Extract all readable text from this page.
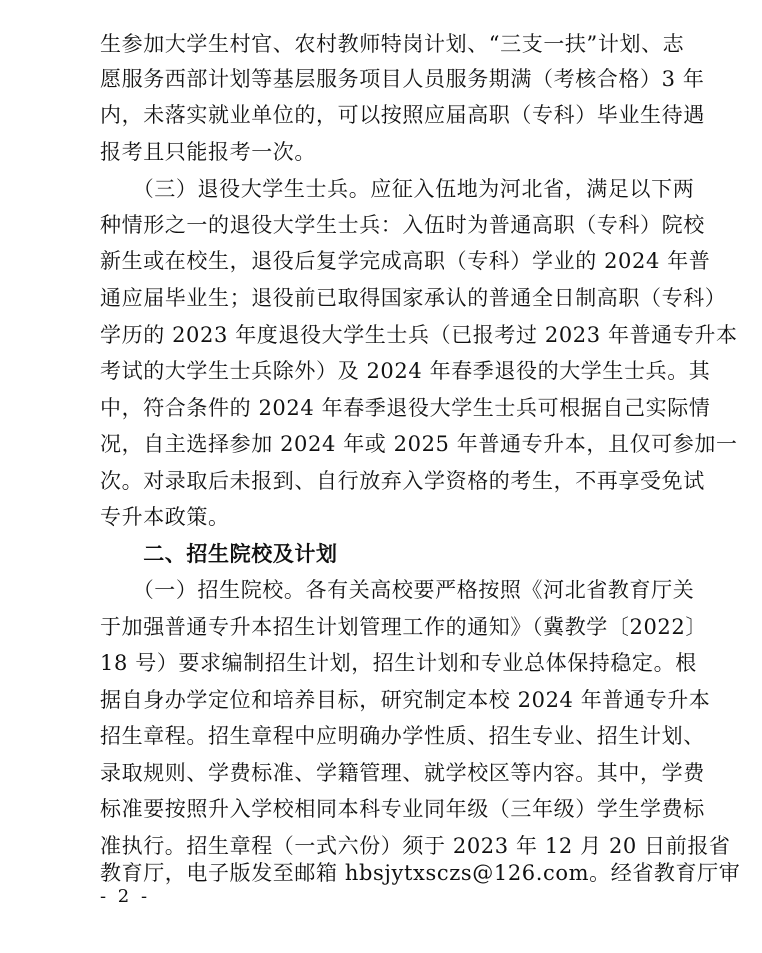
生参加大学生村官、农村教师特岗计划、“三支一扶”计划、志
愿服务西部计划等基层服务项目人员服务期满（考核合格）3 年
内，未落实就业单位的，可以按照应届高职（专科）毕业生待遇
报考且只能报考一次。
　　（三）退役大学生士兵。应征入伍地为河北省，满足以下两
种情形之一的退役大学生士兵：入伍时为普通高职（专科）院校
新生或在校生，退役后复学完成高职（专科）学业的 2024 年普
通应届毕业生；退役前已取得国家承认的普通全日制高职（专科）
学历的 2023 年度退役大学生士兵（已报考过 2023 年普通专升本
考试的大学生士兵除外）及 2024 年春季退役的大学生士兵。其
中，符合条件的 2024 年春季退役大学生士兵可根据自己实际情
况，自主选择参加 2024 年或 2025 年普通专升本，且仅可参加一
次。对录取后未报到、自行放弃入学资格的考生，不再享受免试
专升本政策。
　　二、招生院校及计划
　　（一）招生院校。各有关高校要严格按照《河北省教育厅关
于加强普通专升本招生计划管理工作的通知》（冀教学〔2022〕
18 号）要求编制招生计划，招生计划和专业总体保持稳定。根
据自身办学定位和培养目标，研究制定本校 2024 年普通专升本
招生章程。招生章程中应明确办学性质、招生专业、招生计划、
录取规则、学费标准、学籍管理、就学校区等内容。其中，学费
标准要按照升入学校相同本科专业同年级（三年级）学生学费标
准执行。招生章程（一式六份）须于 2023 年 12 月 20 日前报省
教育厅，电子版发至邮箱 hbsjytxsczs@126.com。经省教育厅审
- 2 -
